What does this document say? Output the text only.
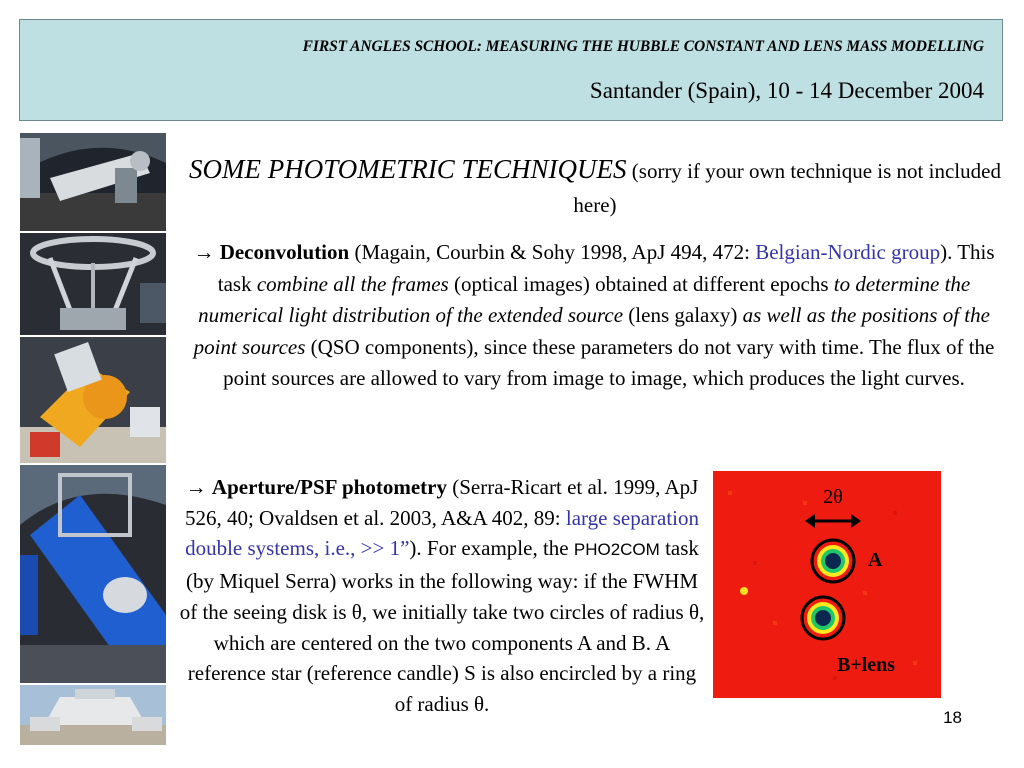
FIRST ANGLES SCHOOL: MEASURING THE HUBBLE CONSTANT AND LENS MASS MODELLING
Santander (Spain), 10 - 14 December 2004
SOME PHOTOMETRIC TECHNIQUES (sorry if your own technique is not included here)
→ Deconvolution (Magain, Courbin & Sohy 1998, ApJ 494, 472: Belgian-Nordic group). This task combine all the frames (optical images) obtained at different epochs to determine the numerical light distribution of the extended source (lens galaxy) as well as the positions of the point sources (QSO components), since these parameters do not vary with time. The flux of the point sources are allowed to vary from image to image, which produces the light curves.
→ Aperture/PSF photometry (Serra-Ricart et al. 1999, ApJ 526, 40; Ovaldsen et al. 2003, A&A 402, 89: large separation double systems, i.e., >> 1”). For example, the PHO2COM task (by Miquel Serra) works in the following way: if the FWHM of the seeing disk is θ, we initially take two circles of radius θ, which are centered on the two components A and B. A reference star (reference candle) S is also encircled by a ring of radius θ.
2θ
A
B+lens
18
